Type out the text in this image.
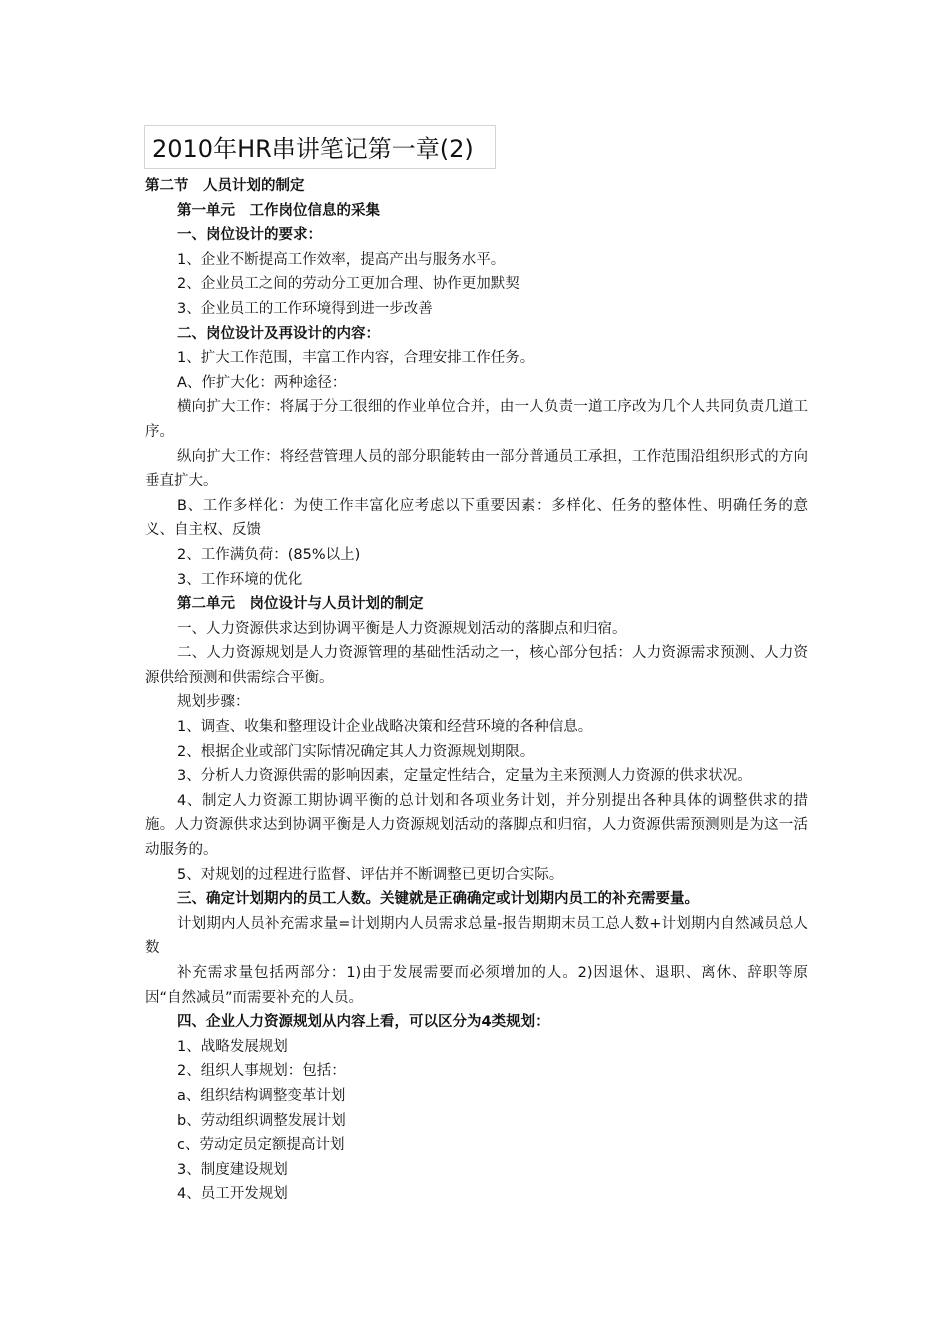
2010年HR串讲笔记第一章(2)

第二节　人员计划的制定

第一单元　工作岗位信息的采集

一、岗位设计的要求：

1、企业不断提高工作效率，提高产出与服务水平。

2、企业员工之间的劳动分工更加合理、协作更加默契

3、企业员工的工作环境得到进一步改善

二、岗位设计及再设计的内容：

1、扩大工作范围，丰富工作内容，合理安排工作任务。

A、作扩大化：两种途径：

横向扩大工作：将属于分工很细的作业单位合并，由一人负责一道工序改为几个人共同负责几道工序。

纵向扩大工作：将经营管理人员的部分职能转由一部分普通员工承担，工作范围沿组织形式的方向垂直扩大。

B、工作多样化：为使工作丰富化应考虑以下重要因素：多样化、任务的整体性、明确任务的意义、自主权、反馈

2、工作满负荷：(85%以上)

3、工作环境的优化

第二单元　岗位设计与人员计划的制定

一、人力资源供求达到协调平衡是人力资源规划活动的落脚点和归宿。

二、人力资源规划是人力资源管理的基础性活动之一，核心部分包括：人力资源需求预测、人力资源供给预测和供需综合平衡。

规划步骤：

1、调查、收集和整理设计企业战略决策和经营环境的各种信息。

2、根据企业或部门实际情况确定其人力资源规划期限。

3、分析人力资源供需的影响因素，定量定性结合，定量为主来预测人力资源的供求状况。

4、制定人力资源工期协调平衡的总计划和各项业务计划，并分别提出各种具体的调整供求的措施。人力资源供求达到协调平衡是人力资源规划活动的落脚点和归宿，人力资源供需预测则是为这一活动服务的。

5、对规划的过程进行监督、评估并不断调整已更切合实际。

三、确定计划期内的员工人数。关键就是正确确定或计划期内员工的补充需要量。

计划期内人员补充需求量=计划期内人员需求总量-报告期期末员工总人数+计划期内自然减员总人数

补充需求量包括两部分：1)由于发展需要而必须增加的人。2)因退休、退职、离休、辞职等原因“自然减员”而需要补充的人员。

四、企业人力资源规划从内容上看，可以区分为4类规划：

1、战略发展规划

2、组织人事规划：包括：

a、组织结构调整变革计划

b、劳动组织调整发展计划

c、劳动定员定额提高计划

3、制度建设规划

4、员工开发规划
